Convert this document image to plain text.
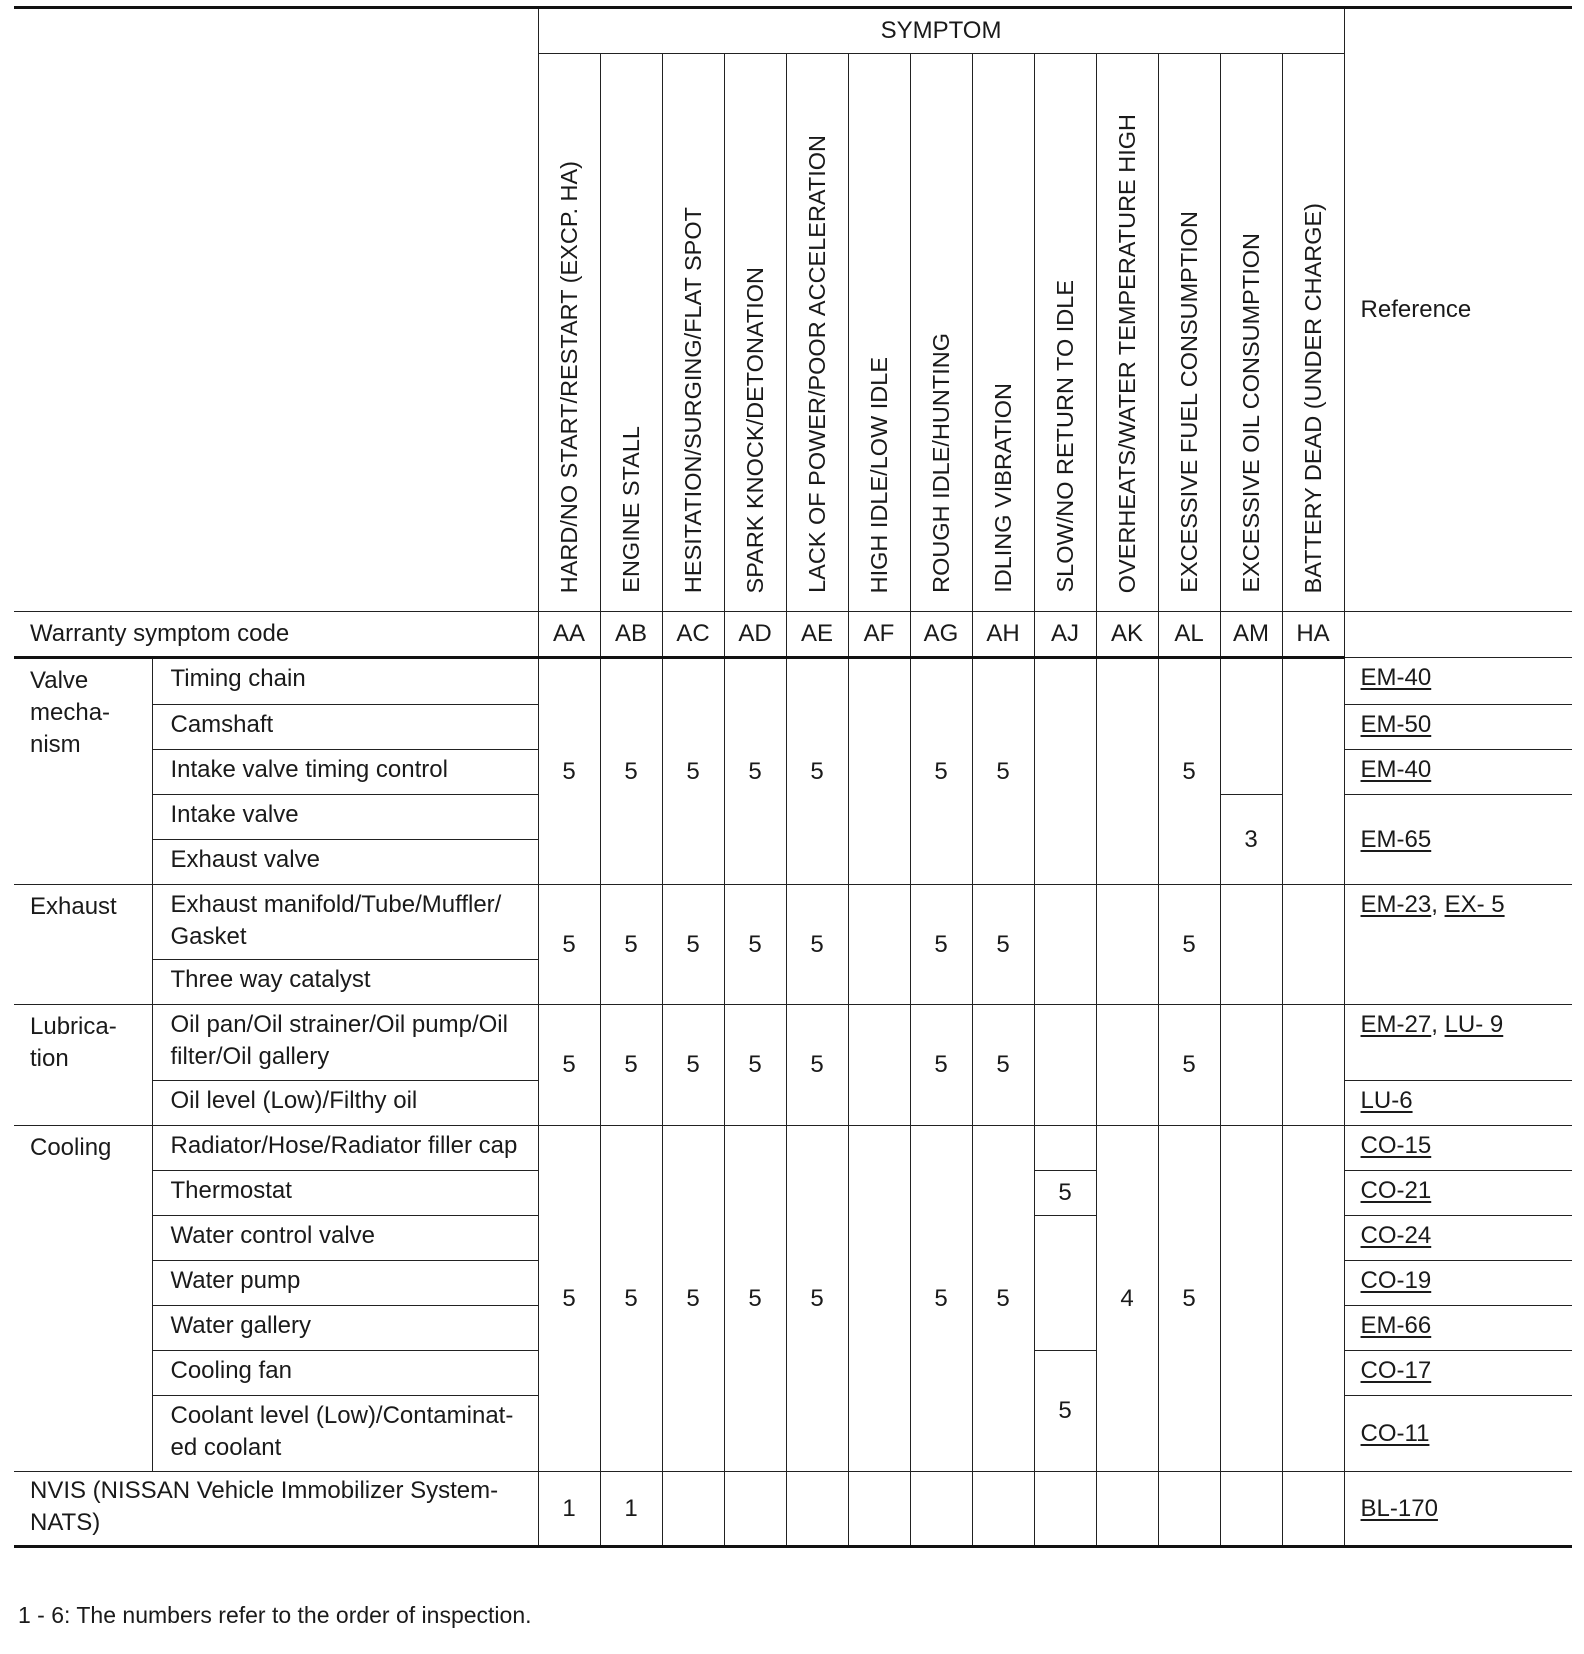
		SYMPTOM													Reference

		HARD/NO START/RESTART (EXCP. HA)	ENGINE STALL	HESITATION/SURGING/FLAT SPOT	SPARK KNOCK/DETONATION	LACK OF POWER/POOR ACCELERATION	HIGH IDLE/LOW IDLE	ROUGH IDLE/HUNTING	IDLING VIBRATION	SLOW/NO RETURN TO IDLE	OVERHEATS/WATER TEMPERATURE HIGH	EXCESSIVE FUEL CONSUMPTION	EXCESSIVE OIL CONSUMPTION	BATTERY DEAD (UNDER CHARGE)	

Warranty symptom code		AA	AB	AC	AD	AE	AF	AG	AH	AJ	AK	AL	AM	HA	
Valve mecha- nism	Timing chain	5	5	5	5	5		5	5			5			EM-40
	Camshaft														EM-50
	Intake valve timing control														EM-40
	Intake valve												3		EM-65
	Exhaust valve														
Exhaust	Exhaust manifold/Tube/Muffler/ Gasket	5	5	5	5	5		5	5			5			EM-23, EX- 5
	Three way catalyst														
Lubrica- tion	Oil pan/Oil strainer/Oil pump/Oil filter/Oil gallery	5	5	5	5	5		5	5			5			EM-27, LU- 9
	Oil level (Low)/Filthy oil														LU-6
Cooling	Radiator/Hose/Radiator filler cap	5	5	5	5	5		5	5		4	5			CO-15
	Thermostat									5					CO-21
	Water control valve														CO-24
	Water pump														CO-19
	Water gallery														EM-66
	Cooling fan									5					CO-17
	Coolant level (Low)/Contaminat- ed coolant														CO-11
NVIS (NISSAN Vehicle Immobilizer System- NATS)		1	1												BL-170
1 - 6: The numbers refer to the order of inspection.
